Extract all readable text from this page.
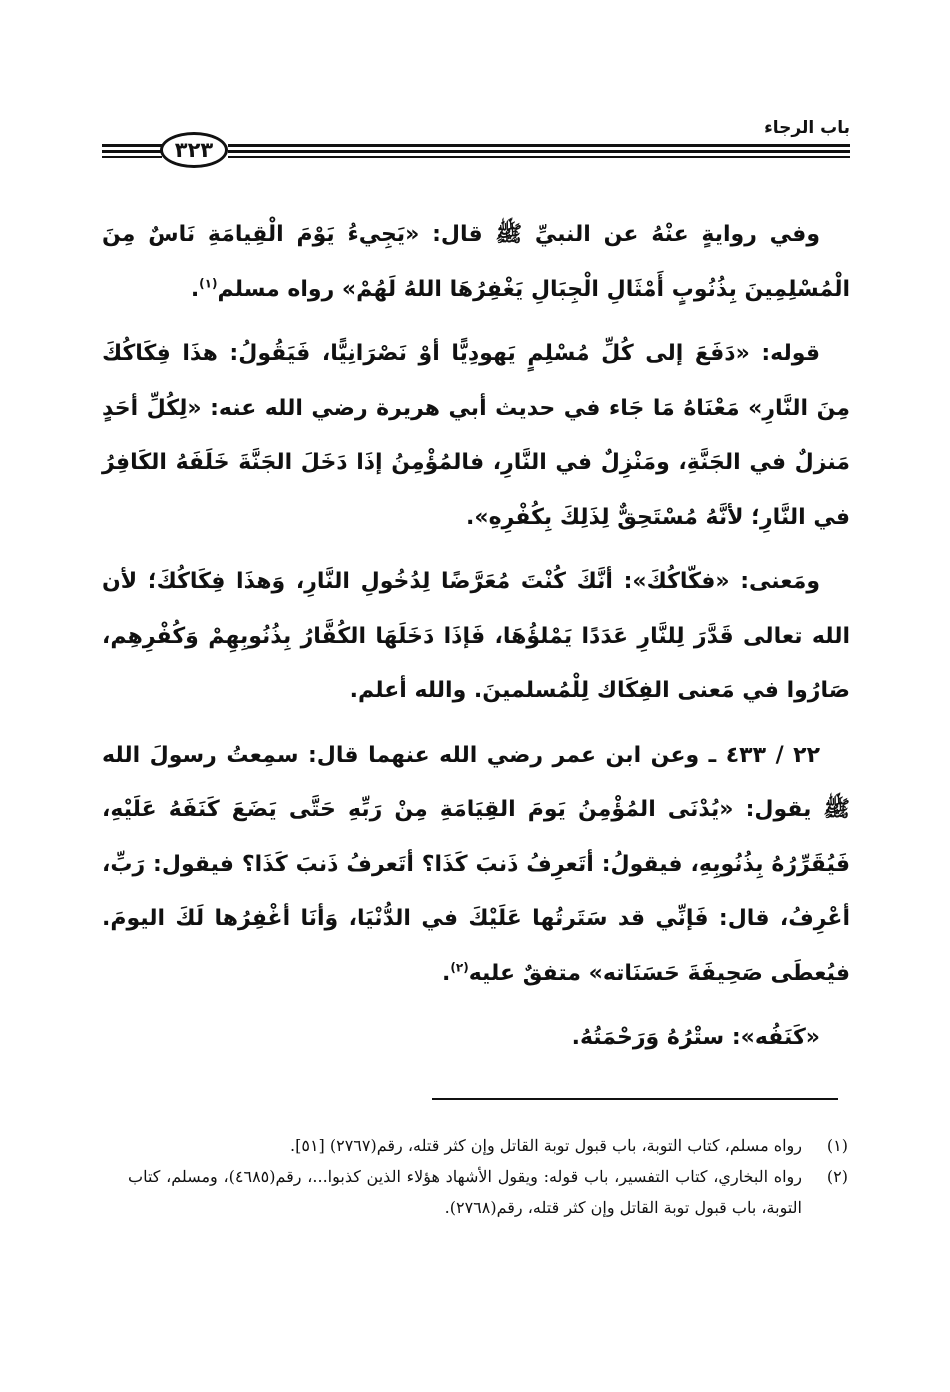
باب الرجاء
٣٢٣

وفي روايةٍ عنْهُ عن النبيِّ ﷺ قال: «يَجِيءُ يَوْمَ الْقِيامَةِ نَاسٌ مِنَ الْمُسْلِمِينَ بِذُنُوبٍ أَمْثَالِ الْجِبَالِ يَغْفِرُهَا اللهُ لَهُمْ» رواه مسلم$^{(١)}$.

قوله: «دَفَعَ إلى كُلِّ مُسْلِمٍ يَهودِيًّا أوْ نَصْرَانِيًّا، فَيَقُولُ: هذَا فِكَاكُكَ مِنَ النَّارِ» مَعْنَاهُ مَا جَاء في حديث أبي هريرة رضي الله عنه: «لِكُلِّ أحَدٍ مَنزلٌ في الجَنَّةِ، ومَنْزِلٌ في النَّارِ، فالمُؤْمِنُ إذَا دَخَلَ الجَنَّةَ خَلَفَهُ الكَافِرُ في النَّارِ؛ لأنَّهُ مُسْتَحِقٌّ لِذَلِكَ بِكُفْرِهِ».

ومَعنى: «فكّاكُكَ»: أنَّكَ كُنْتَ مُعَرَّضًا لِدُخُولِ النَّارِ، وَهذَا فِكَاكُكَ؛ لأن الله تعالى قَدَّرَ لِلنَّارِ عَدَدًا يَمْلؤُهَا، فَإذَا دَخَلَهَا الكُفَّارُ بِذُنُوبِهِمْ وَكُفْرِهِم، صَارُوا في مَعنى الفِكَاك لِلْمُسلمينَ. والله أعلم.

٢٢ / ٤٣٣ ـ وعن ابن عمر رضي الله عنهما قال: سمِعتُ رسولَ الله ﷺ يقول: «يُدْنَى المُؤْمِنُ يَومَ القِيَامَةِ مِنْ رَبِّهِ حَتَّى يَضَعَ كَنَفَهُ عَلَيْهِ، فَيُقَرِّرُهُ بِذُنُوبِهِ، فيقولُ: أتَعرِفُ ذَنبَ كَذَا؟ أتَعرفُ ذَنبَ كَذَا؟ فيقول: رَبِّ، أعْرِفُ، قال: فَإنِّي قد سَتَرتُها عَلَيْكَ في الدُّنْيَا، وَأنَا أغْفِرُها لَكَ اليومَ. فيُعطَى صَحِيفَةَ حَسَنَاته» متفقٌ عليه$^{(٢)}$.

«كَنَفُه»: ستْرُهُ وَرَحْمَتُهُ.

(١)
رواه مسلم، كتاب التوبة، باب قبول توبة القاتل وإن كثر قتله، رقم(٢٧٦٧) [٥١].
(٢)
رواه البخاري، كتاب التفسير، باب قوله: ويقول الأشهاد هؤلاء الذين كذبوا...، رقم(٤٦٨٥)، ومسلم، كتاب التوبة، باب قبول توبة القاتل وإن كثر قتله، رقم(٢٧٦٨).
